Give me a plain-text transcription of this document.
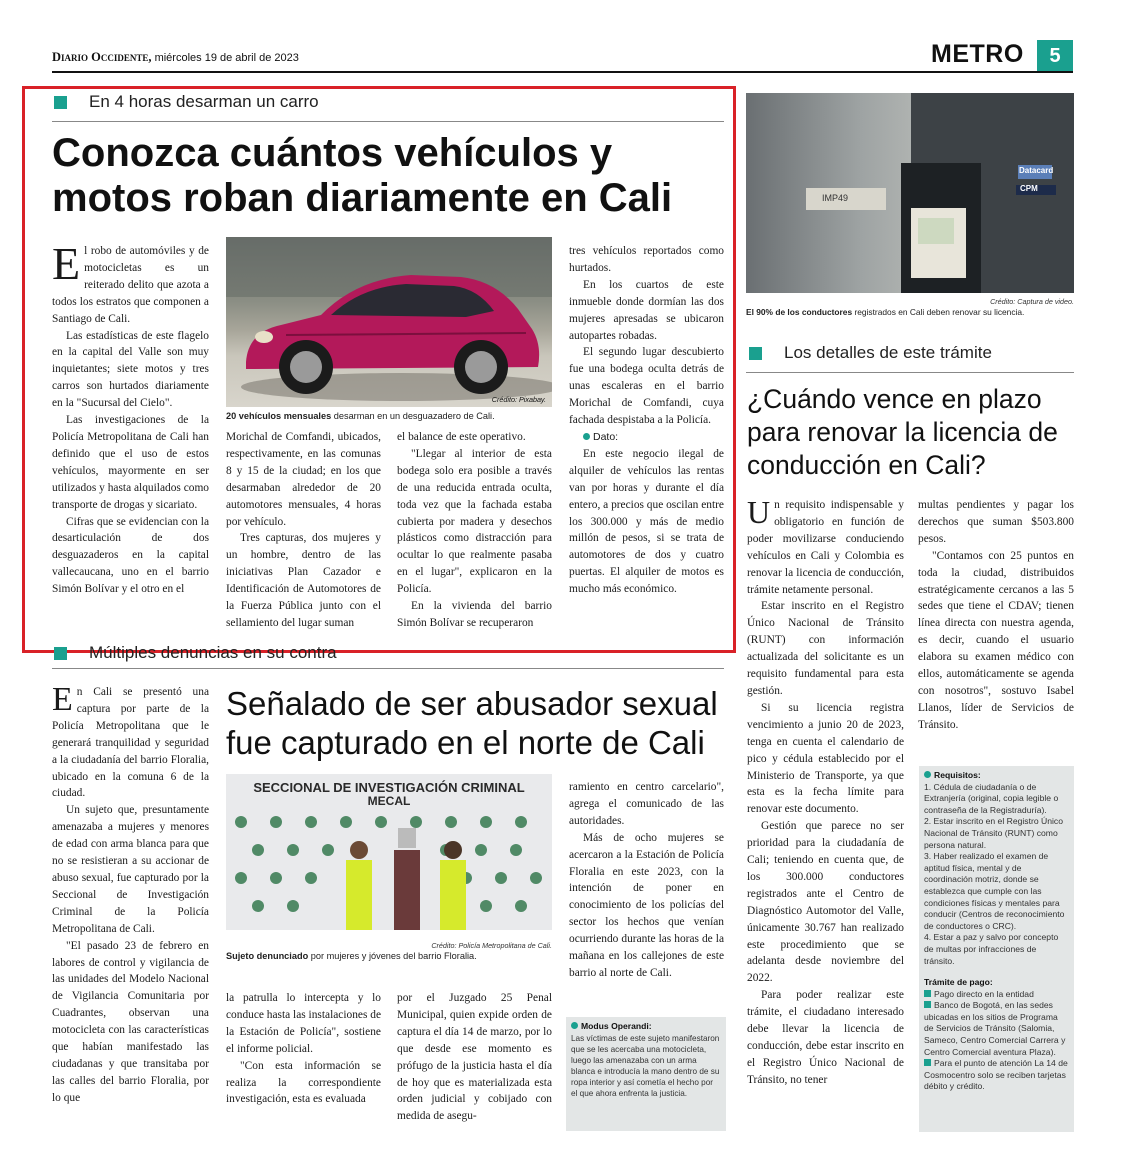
Diario Occidente, miércoles 19 de abril de 2023	METRO	5
En 4 horas desarman un carro
Conozca cuántos vehículos y motos roban diariamente en Cali

El robo de automóviles y de motocicletas es un reiterado delito que azota a todos los estratos que componen a Santiago de Cali.

Las estadísticas de este flagelo en la capital del Valle son muy inquietantes; siete motos y tres carros son hurtados diariamente en la "Sucursal del Cielo".

Las investigaciones de la Policía Metropolitana de Cali han definido que el uso de estos vehículos, mayormente en ser utilizados y hasta alquilados como transporte de drogas y sicariato.

Cifras que se evidencian con la desarticulación de dos desguazaderos en la capital vallecaucana, uno en el barrio Simón Bolívar y el otro en el

Crédito: Pixabay.
20 vehículos mensuales desarman en un desguazadero de Cali.

Morichal de Comfandi, ubicados, respectivamente, en las comunas 8 y 15 de la ciudad; en los que desarmaban alrededor de 20 automotores mensuales, 4 horas por vehículo.

Tres capturas, dos mujeres y un hombre, dentro de las iniciativas Plan Cazador e Identificación de Automotores de la Fuerza Pública junto con el sellamiento del lugar suman

el balance de este operativo.

"Llegar al interior de esta bodega solo era posible a través de una reducida entrada oculta, toda vez que la fachada estaba cubierta por madera y desechos plásticos como distracción para ocultar lo que realmente pasaba en el lugar", explicaron en la Policía.

En la vivienda del barrio Simón Bolívar se recuperaron

tres vehículos reportados como hurtados.

En los cuartos de este inmueble donde dormían las dos mujeres apresadas se ubicaron autopartes robadas.

El segundo lugar descubierto fue una bodega oculta detrás de unas escaleras en el barrio Morichal de Comfandi, cuya fachada despistaba a la Policía.

Dato:

En este negocio ilegal de alquiler de vehículos las rentas van por horas y durante el día entero, a precios que oscilan entre los 300.000 y más de medio millón de pesos, si se trata de automotores de dos y cuatro puertas. El alquiler de motos es mucho más económico.

Múltiples denuncias en su contra

En Cali se presentó una captura por parte de la Policía Metropolitana que le generará tranquilidad y seguridad a la ciudadanía del barrio Floralia, ubicado en la comuna 6 de la ciudad.

Un sujeto que, presuntamente amenazaba a mujeres y menores de edad con arma blanca para que no se resistieran a su accionar de abuso sexual, fue capturado por la Seccional de Investigación Criminal de la Policía Metropolitana de Cali.

"El pasado 23 de febrero en labores de control y vigilancia de las unidades del Modelo Nacional de Vigilancia Comunitaria por Cuadrantes, observan una motocicleta con las características que habían manifestado las ciudadanas y que transitaba por las calles del barrio Floralia, por lo que

Señalado de ser abusador sexual fue capturado en el norte de Cali
SECCIONAL DE INVESTIGACIÓN CRIMINAL
MECAL
Crédito: Policía Metropolitana de Cali.
Sujeto denunciado por mujeres y jóvenes del barrio Floralia.

la patrulla lo intercepta y lo conduce hasta las instalaciones de la Estación de Policía", sostiene el informe policial.

"Con esta información se realiza la correspondiente investigación, esta es evaluada

por el Juzgado 25 Penal Municipal, quien expide orden de captura el día 14 de marzo, por lo que desde ese momento es prófugo de la justicia hasta el día de hoy que es materializada esta orden judicial y cobijado con medida de asegu-

ramiento en centro carcelario", agrega el comunicado de las autoridades.

Más de ocho mujeres se acercaron a la Estación de Policía Floralia en este 2023, con la intención de poner en conocimiento de los policías del sector los hechos que venían ocurriendo durante las horas de la mañana en los callejones de este barrio al norte de Cali.

Modus Operandi:
Las víctimas de este sujeto manifestaron que se les acercaba una motocicleta, luego las amenazaba con un arma blanca e introducía la mano dentro de su ropa interior y así cometía el hecho por el que ahora enfrenta la justicia.
IMP49
Datacard
CPM
Crédito: Captura de video.
El 90% de los conductores registrados en Cali deben renovar su licencia.
Los detalles de este trámite
¿Cuándo vence en plazo para renovar la licencia de conducción en Cali?

Un requisito indispensable y obligatorio en función de poder movilizarse conduciendo vehículos en Cali y Colombia es renovar la licencia de conducción, trámite netamente personal.

Estar inscrito en el Registro Único Nacional de Tránsito (RUNT) con información actualizada del solicitante es un requisito fundamental para esta gestión.

Si su licencia registra vencimiento a junio 20 de 2023, tenga en cuenta el calendario de pico y cédula establecido por el Ministerio de Transporte, ya que esta es la fecha límite para renovar este documento.

Gestión que parece no ser prioridad para la ciudadanía de Cali; teniendo en cuenta que, de los 300.000 conductores registrados ante el Centro de Diagnóstico Automotor del Valle, únicamente 30.767 han realizado este procedimiento que se adelanta desde noviembre del 2022.

Para poder realizar este trámite, el ciudadano interesado debe llevar la licencia de conducción, debe estar inscrito en el Registro Único Nacional de Tránsito, no tener

multas pendientes y pagar los derechos que suman $503.800 pesos.

"Contamos con 25 puntos en toda la ciudad, distribuidos estratégicamente cercanos a las 5 sedes que tiene el CDAV; tienen línea directa con nuestra agenda, es decir, cuando el usuario elabora su examen médico con ellos, automáticamente se agenda con nosotros", sostuvo Isabel Llanos, líder de Servicios de Tránsito.

Requisitos:
1. Cédula de ciudadanía o de Extranjería (original, copia legible o contraseña de la Registraduría).
2. Estar inscrito en el Registro Único Nacional de Tránsito (RUNT) como persona natural.
3. Haber realizado el examen de aptitud física, mental y de coordinación motriz, donde se establezca que cumple con las condiciones físicas y mentales para conducir (Centros de reconocimiento de conductores o CRC).
4. Estar a paz y salvo por concepto de multas por infracciones de tránsito.
Trámite de pago:
Pago directo en la entidad
Banco de Bogotá, en las sedes ubicadas en los sitios de Programa de Servicios de Tránsito (Salomia, Sameco, Centro Comercial Carrera y Centro Comercial aventura Plaza).
Para el punto de atención La 14 de Cosmocentro solo se reciben tarjetas débito y crédito.
